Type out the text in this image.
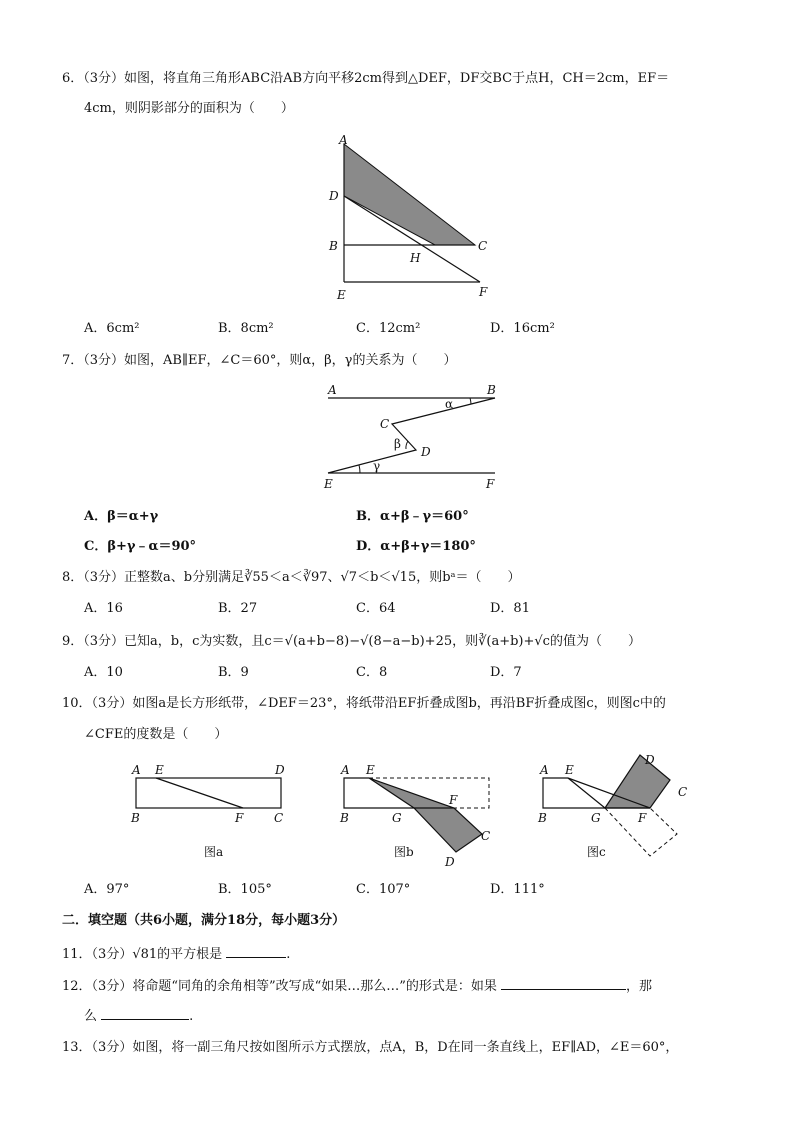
6．（3分）如图，将直角三角形ABC沿AB方向平移2cm得到△DEF，DF交BC于点H，CH＝2cm，EF＝
4cm，则阴影部分的面积为（　　）
A
D
B	C
H
E	F
A．6cm²	B．8cm²	C．12cm²	D．16cm²
7．（3分）如图，AB∥EF，∠C＝60°，则α，β，γ的关系为（　　）
A	B
C
D
E	F
α
β
γ
A．β＝α+γ	B．α+β﹣γ＝60°
C．β+γ﹣α＝90°	D．α+β+γ＝180°
8．（3分）正整数a、b分别满足∛55＜a＜∛97、√7＜b＜√15，则bᵃ＝（　　）
A．16	B．27	C．64	D．81
9．（3分）已知a，b，c为实数，且c＝√(a+b−8)−√(8−a−b)+25，则∛(a+b)+√c的值为（　　）
A．10	B．9	C．8	D．7
10．（3分）如图a是长方形纸带，∠DEF＝23°，将纸带沿EF折叠成图b，再沿BF折叠成图c，则图c中的
∠CFE的度数是（　　）
A E	D
B	F	C
图a
A E
F
B	G
C
D
图b
A E
D
C
B	G	F
图c
A．97°	B．105°	C．107°	D．111°
二．填空题（共6小题，满分18分，每小题3分）
11．（3分）√81的平方根是	.
12．（3分）将命题“同角的余角相等”改写成“如果…那么…”的形式是：如果	，那
么	.
13．（3分）如图，将一副三角尺按如图所示方式摆放，点A，B，D在同一条直线上，EF∥AD，∠E＝60°，
